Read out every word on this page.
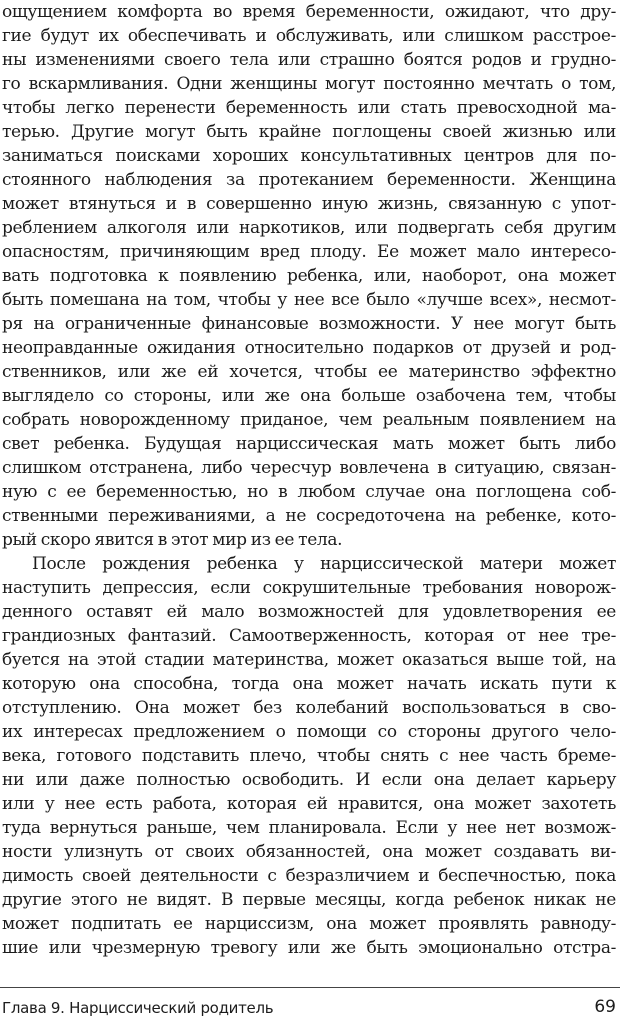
ощущением комфорта во время беременности, ожидают, что дру-
гие будут их обеспечивать и обслуживать, или слишком расстрое-
ны изменениями своего тела или страшно боятся родов и грудно-
го вскармливания. Одни женщины могут постоянно мечтать о том,
чтобы легко перенести беременность или стать превосходной ма-
терью. Другие могут быть крайне поглощены своей жизнью или
заниматься поисками хороших консультативных центров для по-
стоянного наблюдения за протеканием беременности. Женщина
может втянуться и в совершенно иную жизнь, связанную с упот-
реблением алкоголя или наркотиков, или подвергать себя другим
опасностям, причиняющим вред плоду. Ее может мало интересо-
вать подготовка к появлению ребенка, или, наоборот, она может
быть помешана на том, чтобы у нее все было «лучше всех», несмот-
ря на ограниченные финансовые возможности. У нее могут быть
неоправданные ожидания относительно подарков от друзей и род-
ственников, или же ей хочется, чтобы ее материнство эффектно
выглядело со стороны, или же она больше озабочена тем, чтобы
собрать новорожденному приданое, чем реальным появлением на
свет ребенка. Будущая нарциссическая мать может быть либо
слишком отстранена, либо чересчур вовлечена в ситуацию, связан-
ную с ее беременностью, но в любом случае она поглощена соб-
ственными переживаниями, а не сосредоточена на ребенке, кото-
рый скоро явится в этот мир из ее тела.
После рождения ребенка у нарциссической матери может
наступить депрессия, если сокрушительные требования новорож-
денного оставят ей мало возможностей для удовлетворения ее
грандиозных фантазий. Самоотверженность, которая от нее тре-
буется на этой стадии материнства, может оказаться выше той, на
которую она способна, тогда она может начать искать пути к
отступлению. Она может без колебаний воспользоваться в сво-
их интересах предложением о помощи со стороны другого чело-
века, готового подставить плечо, чтобы снять с нее часть бреме-
ни или даже полностью освободить. И если она делает карьеру
или у нее есть работа, которая ей нравится, она может захотеть
туда вернуться раньше, чем планировала. Если у нее нет возмож-
ности улизнуть от своих обязанностей, она может создавать ви-
димость своей деятельности с безразличием и беспечностью, пока
другие этого не видят. В первые месяцы, когда ребенок никак не
может подпитать ее нарциссизм, она может проявлять равноду-
шие или чрезмерную тревогу или же быть эмоционально отстра-
Глава 9. Нарциссический родитель	69
